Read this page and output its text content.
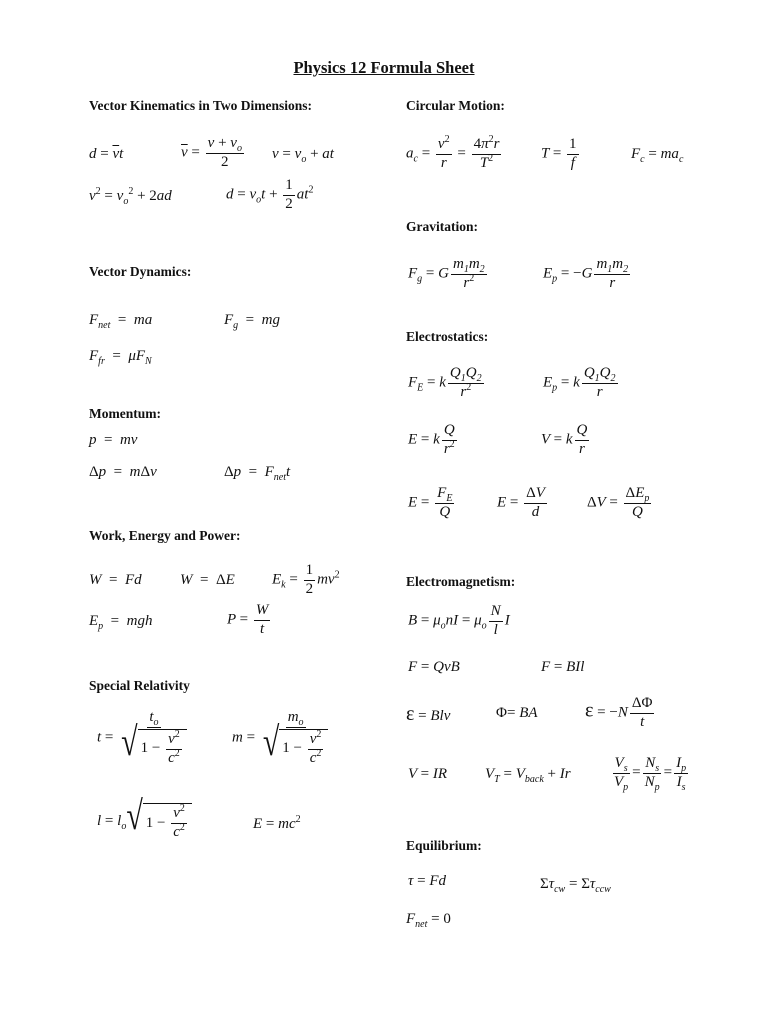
Physics 12 Formula Sheet
Vector Kinematics in Two Dimensions:
$d = \overline{v}t$	$\overline{v} = \frac{v + v_o}{2}$ $v = v_o$ + at
$v^2 = v_o^2 + 2ad$	$d = v_ot + \frac{1}{2} at^2$
Vector Dynamics:
$F_{net}$ =  ma	$F_g$ =  mg
$F_{fr} = \mu F_N$
Momentum:
p  =  mv
Δp  =  mΔv	$\Delta p = F_{net}t$
Work, Energy and Power:
W  =  Fd	W  = ΔE $E_k = \frac{1}{2} mv^2$
$E_p$ =  mgh	$P = \frac{W}{t}$
Special Relativity
$t = t_o$
√ 1 −
$\frac{v^2}{c^2}$	$m = m_o$
√ 1 −
$\frac{v^2}{c^2}$
$l = l_o$ √ 1 −
$\frac{v^2}{c^2}$	$E = mc^2$
Circular Motion:
$a_c = \frac{v^2}{r} = \frac{4\pi^2r}{T^2}$	$T = \frac{1}{f}$	$F_c = ma_c$
Gravitation:
$F_g = G \frac{m_1m_2}{r^2}$	$E_p = -G \frac{m_1m_2}{r}$
Electrostatics:
$F_E = k \frac{Q_1Q_2}{r^2}$	$E_p = k \frac{Q_1Q_2}{r}$
E = k $\frac{Q}{r^2}$	V = k $\frac{Q}{r}$
$E = \frac{F_E}{Q}$	$E = \frac{\Delta V}{d}$	$\Delta V = \frac{\Delta E_p}{Q}$
Electromagnetism:
$B = \mu_onI = \mu_o \frac{N}{l}$ I
F = QvB	F = BIl
ε = Blv	Φ= BA $\varepsilon = -N \frac{\Delta\Phi}{t}$
V = IR	$V_T = V_{back} + Ir$	$\frac{V_s}{V_p} = \frac{N_s}{N_p} = \frac{I_p}{I_s}$
Equilibrium:
τ = Fd	$\Sigma\tau_{cw} = \Sigma\tau_{ccw}$
$F_{net} = 0$
